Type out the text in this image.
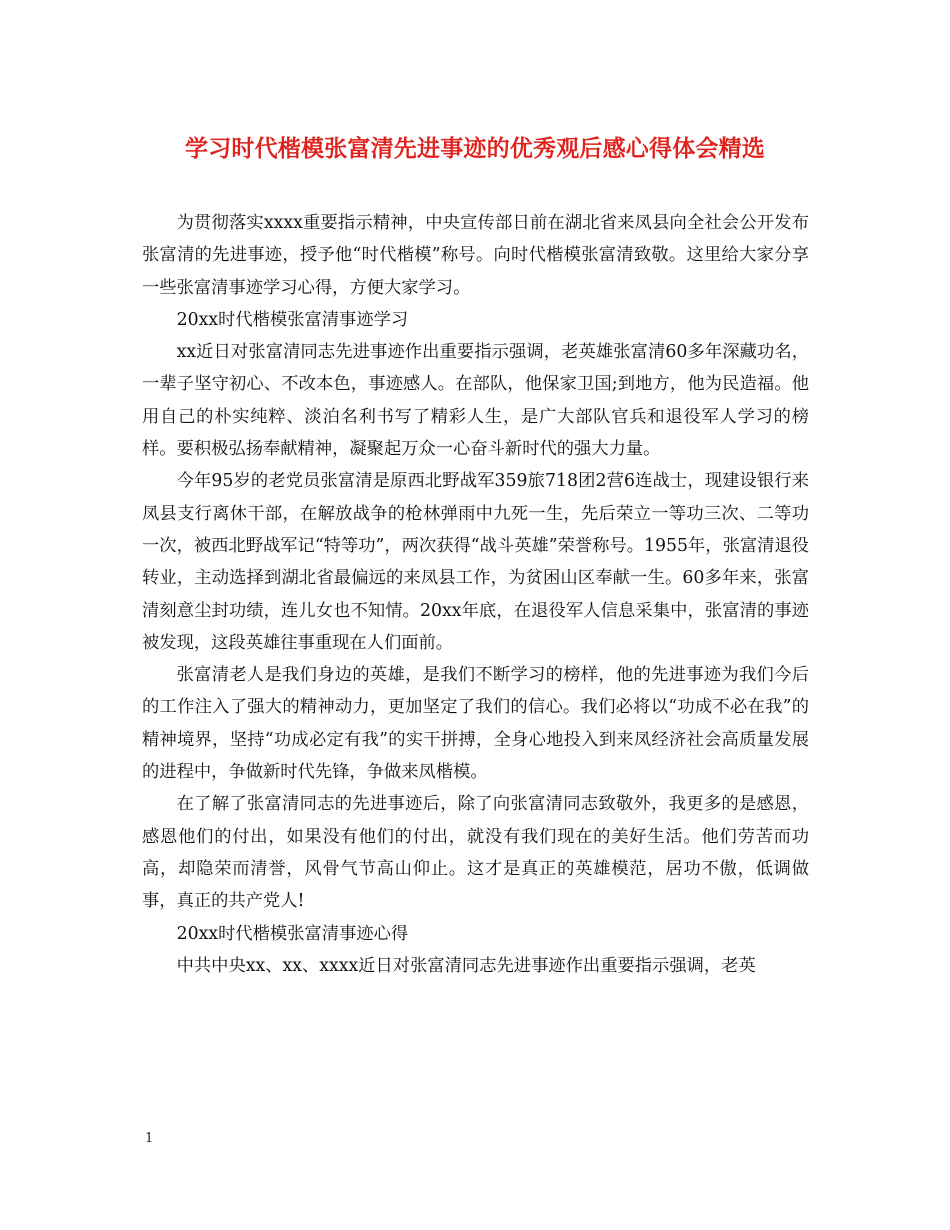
学习时代楷模张富清先进事迹的优秀观后感心得体会精选

为贯彻落实xxxx重要指示精神，中央宣传部日前在湖北省来凤县向全社会公开发布张富清的先进事迹，授予他“时代楷模”称号。向时代楷模张富清致敬。这里给大家分享一些张富清事迹学习心得，方便大家学习。

20xx时代楷模张富清事迹学习

xx近日对张富清同志先进事迹作出重要指示强调，老英雄张富清60多年深藏功名，一辈子坚守初心、不改本色，事迹感人。在部队，他保家卫国;到地方，他为民造福。他用自己的朴实纯粹、淡泊名利书写了精彩人生，是广大部队官兵和退役军人学习的榜样。要积极弘扬奉献精神，凝聚起万众一心奋斗新时代的强大力量。

今年95岁的老党员张富清是原西北野战军359旅718团2营6连战士，现建设银行来凤县支行离休干部，在解放战争的枪林弹雨中九死一生，先后荣立一等功三次、二等功一次，被西北野战军记“特等功”，两次获得“战斗英雄”荣誉称号。1955年，张富清退役转业，主动选择到湖北省最偏远的来凤县工作，为贫困山区奉献一生。60多年来，张富清刻意尘封功绩，连儿女也不知情。20xx年底，在退役军人信息采集中，张富清的事迹被发现，这段英雄往事重现在人们面前。

张富清老人是我们身边的英雄，是我们不断学习的榜样，他的先进事迹为我们今后的工作注入了强大的精神动力，更加坚定了我们的信心。我们必将以“功成不必在我”的精神境界，坚持“功成必定有我”的实干拼搏，全身心地投入到来凤经济社会高质量发展的进程中，争做新时代先锋，争做来凤楷模。

在了解了张富清同志的先进事迹后，除了向张富清同志致敬外，我更多的是感恩，感恩他们的付出，如果没有他们的付出，就没有我们现在的美好生活。他们劳苦而功高，却隐荣而清誉，风骨气节高山仰止。这才是真正的英雄模范，居功不傲，低调做事，真正的共产党人!

20xx时代楷模张富清事迹心得

中共中央xx、xx、xxxx近日对张富清同志先进事迹作出重要指示强调，老英

1
